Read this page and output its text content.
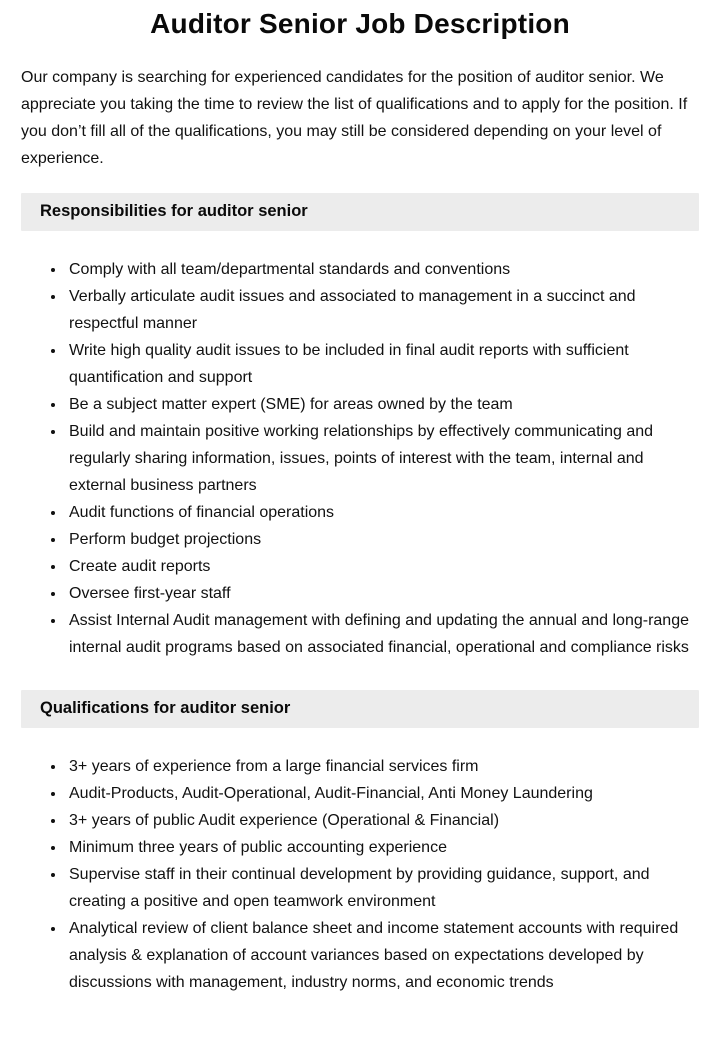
Auditor Senior Job Description

Our company is searching for experienced candidates for the position of auditor senior. We appreciate you taking the time to review the list of qualifications and to apply for the position. If you don’t fill all of the qualifications, you may still be considered depending on your level of experience.

Responsibilities for auditor senior
• Comply with all team/departmental standards and conventions
• Verbally articulate audit issues and associated to management in a succinct and respectful manner
• Write high quality audit issues to be included in final audit reports with sufficient quantification and support
• Be a subject matter expert (SME) for areas owned by the team
• Build and maintain positive working relationships by effectively communicating and regularly sharing information, issues, points of interest with the team, internal and external business partners
• Audit functions of financial operations
• Perform budget projections
• Create audit reports
• Oversee first-year staff
• Assist Internal Audit management with defining and updating the annual and long-range internal audit programs based on associated financial, operational and compliance risks
Qualifications for auditor senior
• 3+ years of experience from a large financial services firm
• Audit-Products, Audit-Operational, Audit-Financial, Anti Money Laundering
• 3+ years of public Audit experience (Operational & Financial)
• Minimum three years of public accounting experience
• Supervise staff in their continual development by providing guidance, support, and creating a positive and open teamwork environment
• Analytical review of client balance sheet and income statement accounts with required analysis & explanation of account variances based on expectations developed by discussions with management, industry norms, and economic trends
